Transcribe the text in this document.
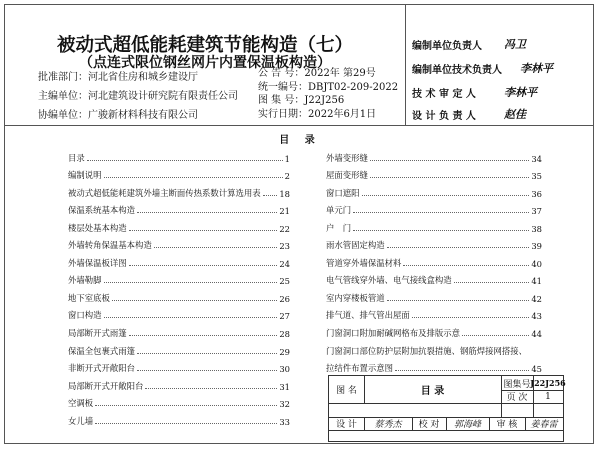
被动式超低能耗建筑节能构造（七）
（点连式限位钢丝网片内置保温板构造）
批准部门：河北省住房和城乡建设厅
主编单位：河北建筑设计研究院有限责任公司
协编单位：广骏新材料科技有限公司
公 告 号：2022年 第29号
统一编号：DBJT02-209-2022
图 集 号：J22J256
实行日期：2022年6月1日
编制单位负责人	冯卫
编制单位技术负责人	李林平
技 术 审 定 人	李林平
设 计 负 责 人	赵佳
目 录
目录	1
编制说明	2
被动式超低能耗建筑外墙主断面传热系数计算选用表 18
保温系统基本构造	21
楼层处基本构造	22
外墙转角保温基本构造	23
外墙保温板详图	24
外墙勒脚	25
地下室底板	26
窗口构造	27
局部断开式雨篷	28
保温全包裹式雨篷	29
非断开式开敞阳台	30
局部断开式开敞阳台	31
空调板	32
女儿墙	33
外墙变形缝	34
屋面变形缝	35
窗口遮阳	36
单元门	37
户　门	38
雨水管固定构造	39
管道穿外墙保温材料	40
电气管线穿外墙、电气接线盒构造	41
室内穿楼板管道	42
排气道、排气管出屋面	43
门窗洞口附加耐碱网格布及排版示意	44
门窗洞口部位防护层附加抗裂措施、钢筋焊接网搭接、
拉结件布置示意图	45
图 名	目 录
图集号 J22J256
页 次	1
设 计	蔡秀杰	校 对	郭海峰	审 核	姜春雷
